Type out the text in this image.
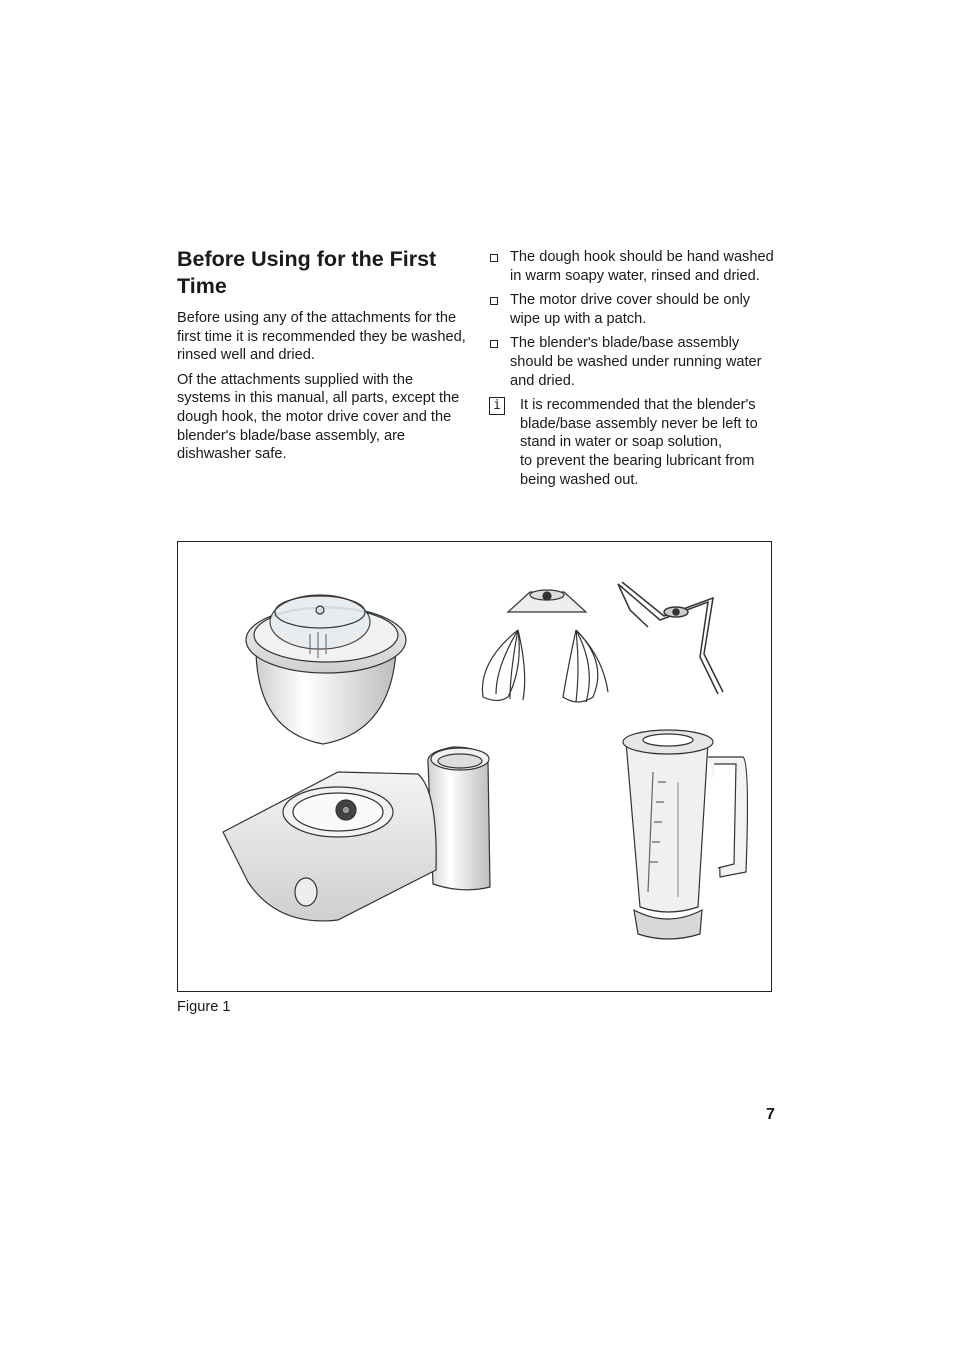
Before Using for the First Time

Before using any of the attachments for the first time it is recommended they be washed, rinsed well and dried.

Of the attachments supplied with the systems in this manual, all parts, except the dough hook, the motor drive cover and the blender's blade/base assembly, are dishwasher safe.

The dough hook should be hand washed in warm soapy water, rinsed and dried.
The motor drive cover should be only wipe up with a patch.
The blender's blade/base assembly should be washed under running water and dried.
i It is recommended that the blender's blade/base assembly never be left to stand in water or soap solution,
to prevent the bearing lubricant from being washed out.
Figure 1
7
